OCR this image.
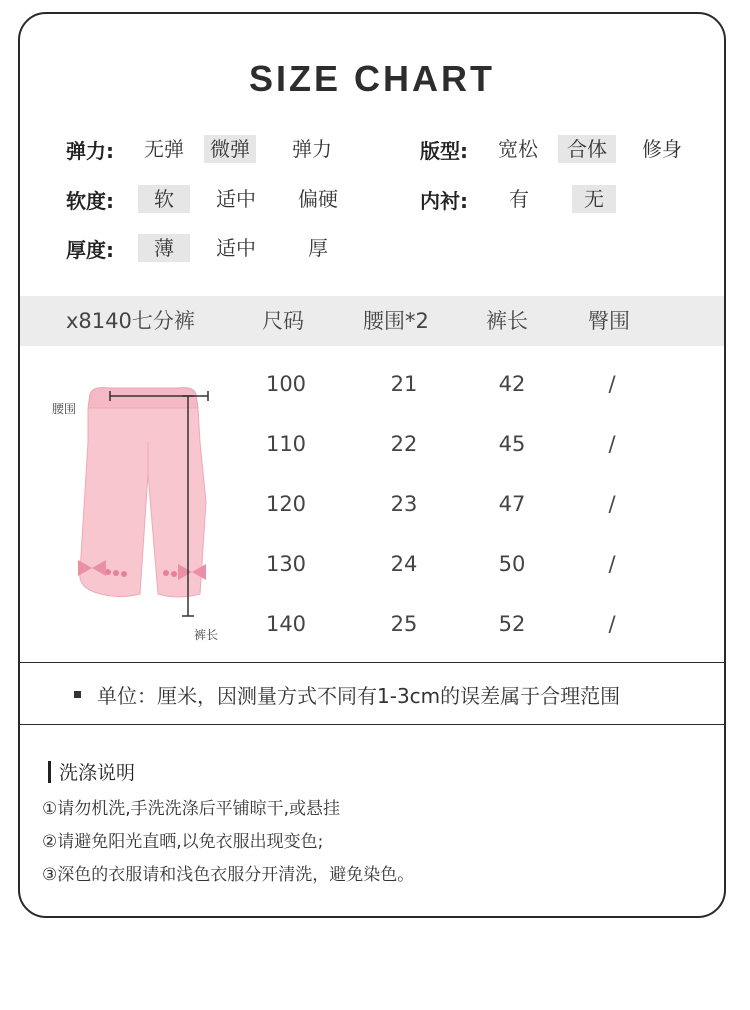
SIZE CHART
弹力:	无弹	微弹	弹力	版型:	宽松	合体	修身
软度:	软	适中	偏硬	内衬:	有	无
厚度:	薄	适中	厚
x8140七分裤	尺码	腰围*2	裤长	臀围
腰围
裤长
100	21	42	/
110	22	45	/
120	23	47	/
130	24	50	/
140	25	52	/
单位：厘米，因测量方式不同有1-3cm的误差属于合理范围
洗涤说明
①请勿机洗,手洗洗涤后平铺晾干,或悬挂
②请避免阳光直晒,以免衣服出现变色;
③深色的衣服请和浅色衣服分开清洗，避免染色。
